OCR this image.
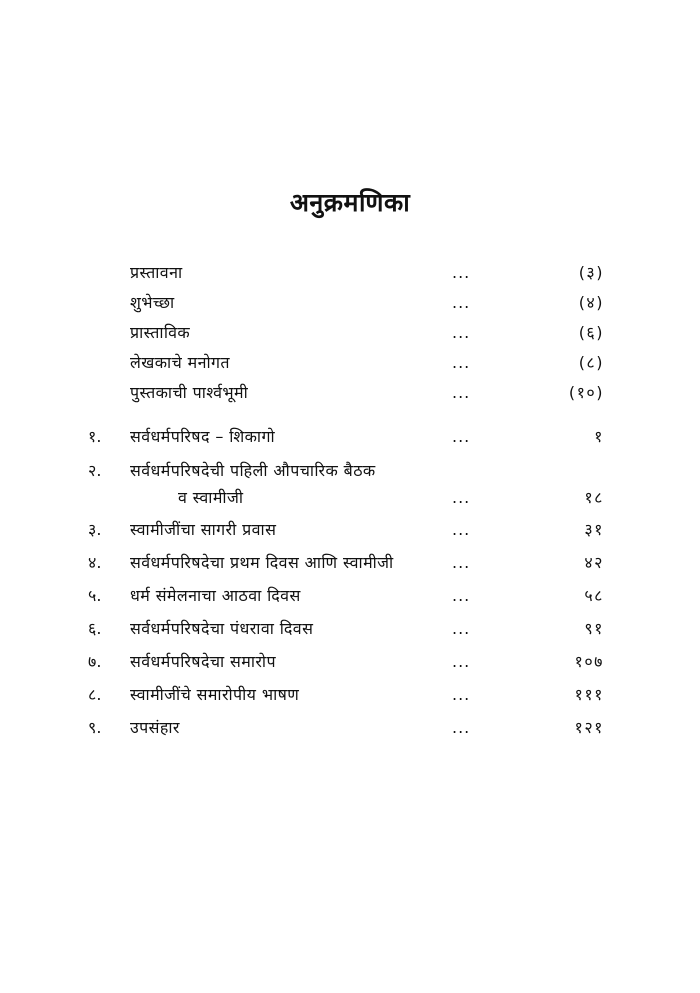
अनुक्रमणिका
प्रस्तावना	...	(३)
शुभेच्छा	...	(४)
प्रास्ताविक	...	(६)
लेखकाचे मनोगत	...	(८)
पुस्तकाची पार्श्वभूमी	...	(१०)
१.	सर्वधर्मपरिषद – शिकागो	...	१
२.	सर्वधर्मपरिषदेची पहिली औपचारिक बैठक
व स्वामीजी	...	१८
३.	स्वामीजींचा सागरी प्रवास	...	३१
४.	सर्वधर्मपरिषदेचा प्रथम दिवस आणि स्वामीजी	...	४२
५.	धर्म संमेलनाचा आठवा दिवस	...	५८
६.	सर्वधर्मपरिषदेचा पंधरावा दिवस	...	९१
७.	सर्वधर्मपरिषदेचा समारोप	...	१०७
८.	स्वामीजींचे समारोपीय भाषण	...	१११
९.	उपसंहार	...	१२१
